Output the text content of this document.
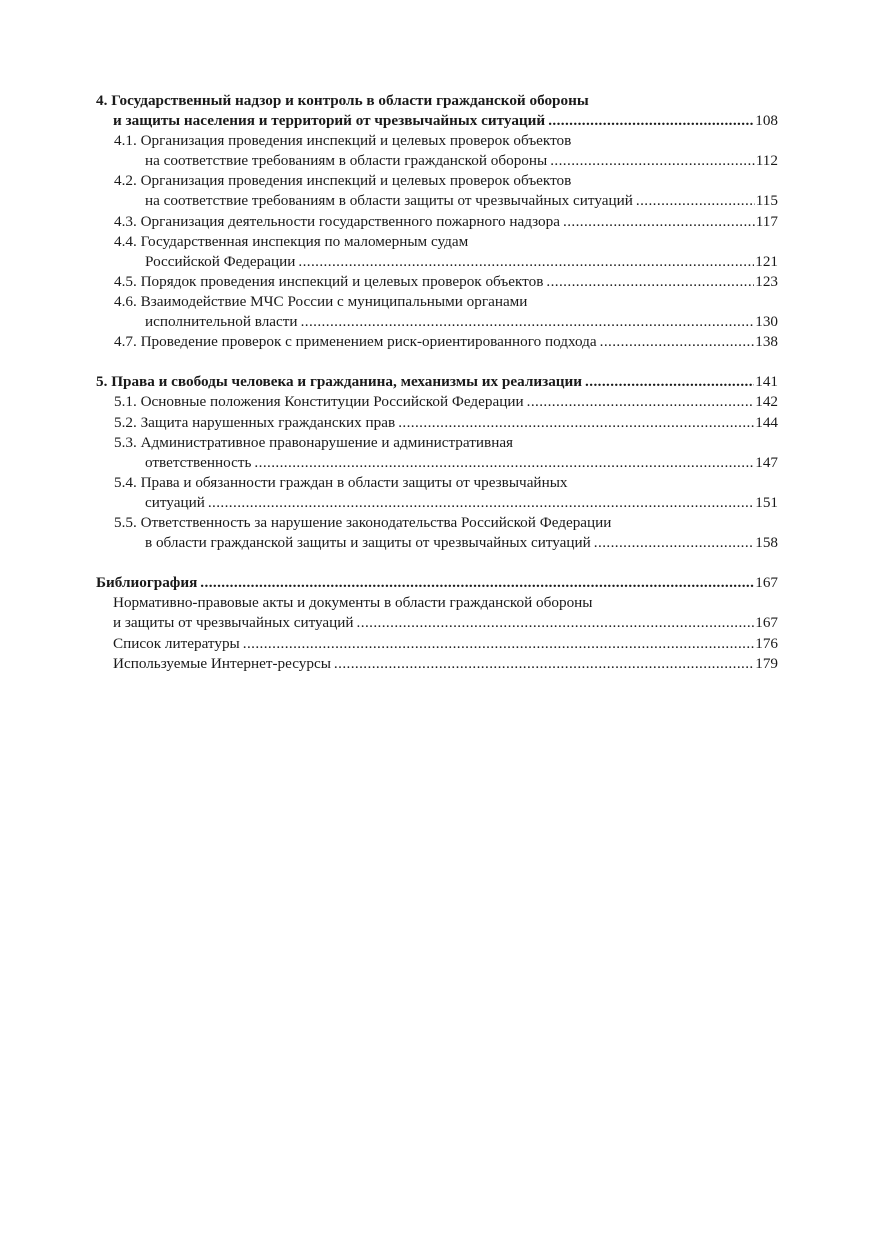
4. Государственный надзор и контроль в области гражданской обороны
и защиты населения и территорий от чрезвычайных ситуаций .....	108
4.1. Организация проведения инспекций и целевых проверок объектов
на соответствие требованиям в области гражданской обороны .....	112
4.2. Организация проведения инспекций и целевых проверок объектов
на соответствие требованиям в области защиты от чрезвычайных ситуаций .....	115
4.3. Организация деятельности государственного пожарного надзора .....	117
4.4. Государственная инспекция по маломерным судам
Российской Федерации .....	121
4.5. Порядок проведения инспекций и целевых проверок объектов .....	123
4.6. Взаимодействие МЧС России с муниципальными органами
исполнительной власти .....	130
4.7. Проведение проверок с применением риск-ориентированного подхода .....	138
5. Права и свободы человека и гражданина, механизмы их реализации .....	141
5.1. Основные положения Конституции Российской Федерации .....	142
5.2. Защита нарушенных гражданских прав .....	144
5.3. Административное правонарушение и административная
ответственность .....	147
5.4. Права и обязанности граждан в области защиты от чрезвычайных
ситуаций .....	151
5.5. Ответственность за нарушение законодательства Российской Федерации
в области гражданской защиты и защиты от чрезвычайных ситуаций .....	158
Библиография .....	167
Нормативно-правовые акты и документы в области гражданской обороны
и защиты от чрезвычайных ситуаций .....	167
Список литературы .....	176
Используемые Интернет-ресурсы .....	179
